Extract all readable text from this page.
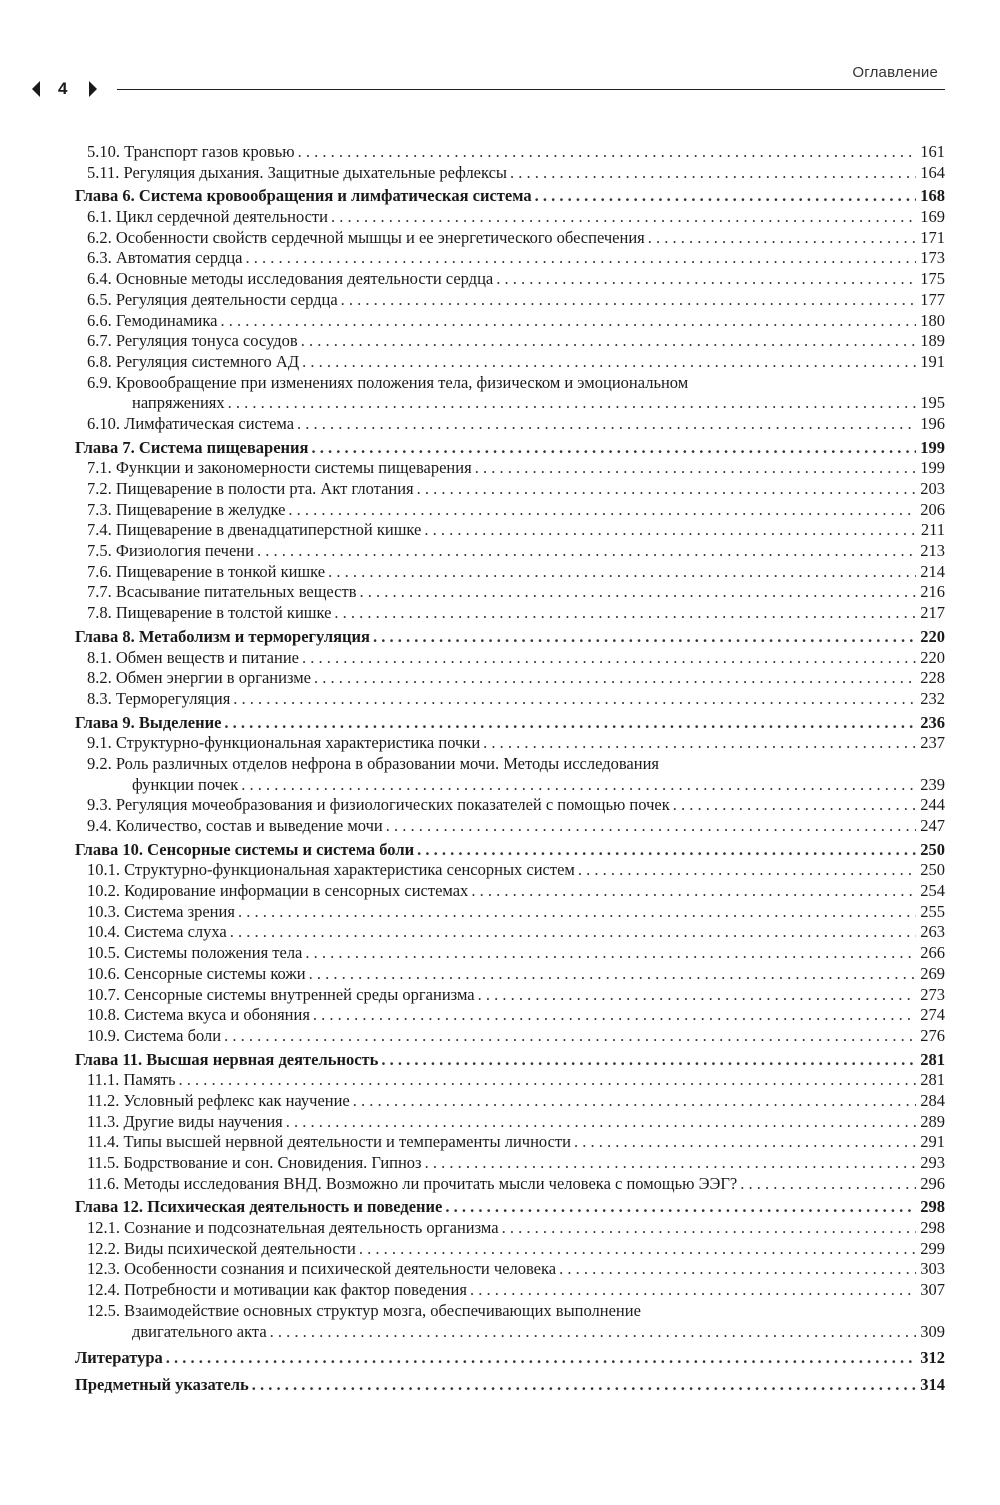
Оглавление
4
5.10. Транспорт газов кровью . . .	161
5.11. Регуляция дыхания. Защитные дыхательные рефлексы . . .	164
Глава 6. Система кровообращения и лимфатическая система . . .	168
6.1. Цикл сердечной деятельности . . .	169
6.2. Особенности свойств сердечной мышцы и ее энергетического обеспечения . . .	171
6.3. Автоматия сердца . . .	173
6.4. Основные методы исследования деятельности сердца . . .	175
6.5. Регуляция деятельности сердца . . .	177
6.6. Гемодинамика . . .	180
6.7. Регуляция тонуса сосудов . . .	189
6.8. Регуляция системного АД . . .	191
6.9. Кровообращение при изменениях положения тела, физическом и эмоциональном
напряжениях . . .	195
6.10. Лимфатическая система . . .	196
Глава 7. Система пищеварения . . .	199
7.1. Функции и закономерности системы пищеварения . . .	199
7.2. Пищеварение в полости рта. Акт глотания . . .	203
7.3. Пищеварение в желудке . . .	206
7.4. Пищеварение в двенадцатиперстной кишке . . .	211
7.5. Физиология печени . . .	213
7.6. Пищеварение в тонкой кишке . . .	214
7.7. Всасывание питательных веществ . . .	216
7.8. Пищеварение в толстой кишке . . .	217
Глава 8. Метаболизм и терморегуляция . . .	220
8.1. Обмен веществ и питание . . .	220
8.2. Обмен энергии в организме . . .	228
8.3. Терморегуляция . . .	232
Глава 9. Выделение . . .	236
9.1. Структурно-функциональная характеристика почки . . .	237
9.2. Роль различных отделов нефрона в образовании мочи. Методы исследования
функции почек . . .	239
9.3. Регуляция мочеобразования и физиологических показателей с помощью почек . . .	244
9.4. Количество, состав и выведение мочи . . .	247
Глава 10. Сенсорные системы и система боли . . .	250
10.1. Структурно-функциональная характеристика сенсорных систем . . .	250
10.2. Кодирование информации в сенсорных системах . . .	254
10.3. Система зрения . . .	255
10.4. Система слуха . . .	263
10.5. Системы положения тела . . .	266
10.6. Сенсорные системы кожи . . .	269
10.7. Сенсорные системы внутренней среды организма . . .	273
10.8. Система вкуса и обоняния . . .	274
10.9. Система боли . . .	276
Глава 11. Высшая нервная деятельность . . .	281
11.1. Память . . .	281
11.2. Условный рефлекс как научение . . .	284
11.3. Другие виды научения . . .	289
11.4. Типы высшей нервной деятельности и темпераменты личности . . .	291
11.5. Бодрствование и сон. Сновидения. Гипноз . . .	293
11.6. Методы исследования ВНД. Возможно ли прочитать мысли человека с помощью ЭЭГ? . . .	296
Глава 12. Психическая деятельность и поведение . . .	298
12.1. Сознание и подсознательная деятельность организма . . .	298
12.2. Виды психической деятельности . . .	299
12.3. Особенности сознания и психической деятельности человека . . .	303
12.4. Потребности и мотивации как фактор поведения . . .	307
12.5. Взаимодействие основных структур мозга, обеспечивающих выполнение
двигательного акта . . .	309
Литература . . .	312
Предметный указатель . . .	314
